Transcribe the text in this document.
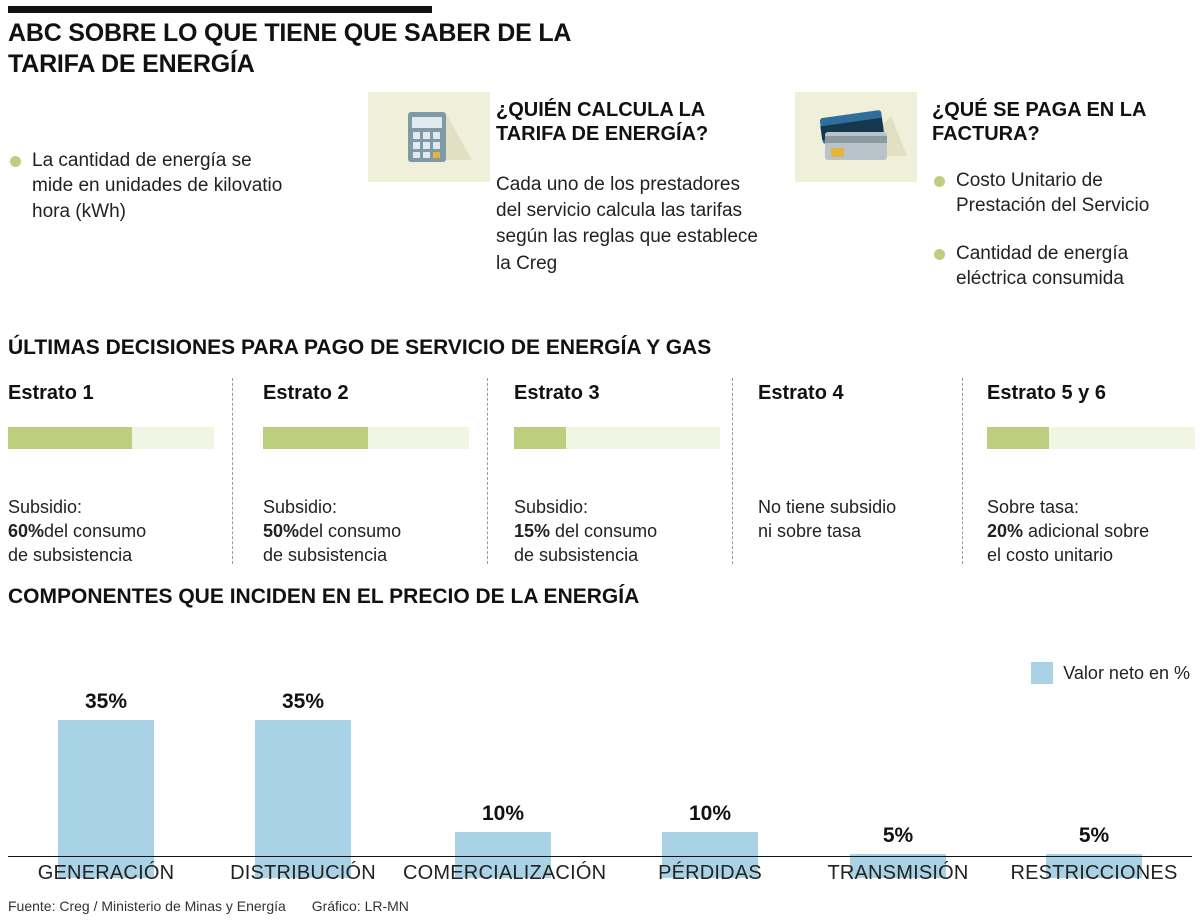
ABC SOBRE LO QUE TIENE QUE SABER DE LA TARIFA DE ENERGÍA
La cantidad de energía se mide en unidades de kilovatio hora (kWh)
¿QUIÉN CALCULA LA TARIFA DE ENERGÍA?
Cada uno de los prestadores del servicio calcula las tarifas según las reglas que establece la Creg
¿QUÉ SE PAGA EN LA FACTURA?
Costo Unitario de Prestación del Servicio
Cantidad de energía eléctrica consumida
ÚLTIMAS DECISIONES PARA PAGO DE SERVICIO DE ENERGÍA Y GAS
Estrato 1
Subsidio:
60%del consumo
de subsistencia
Estrato 2
Subsidio:
50%del consumo
de subsistencia
Estrato 3
Subsidio:
15% del consumo
de subsistencia
Estrato 4
No tiene subsidio
ni sobre tasa
Estrato 5 y 6
Sobre tasa:
20% adicional sobre
el costo unitario
COMPONENTES QUE INCIDEN EN EL PRECIO DE LA ENERGÍA
Valor neto en %
35%	35%
10%	10%
5%	5%
GENERACIÓN	DISTRIBUCIÓN	COMERCIALIZACIÓN	PÉRDIDAS	TRANSMISIÓN	RESTRICCIONES
Fuente: Creg / Ministerio de Minas y Energía Gráfico: LR-MN
